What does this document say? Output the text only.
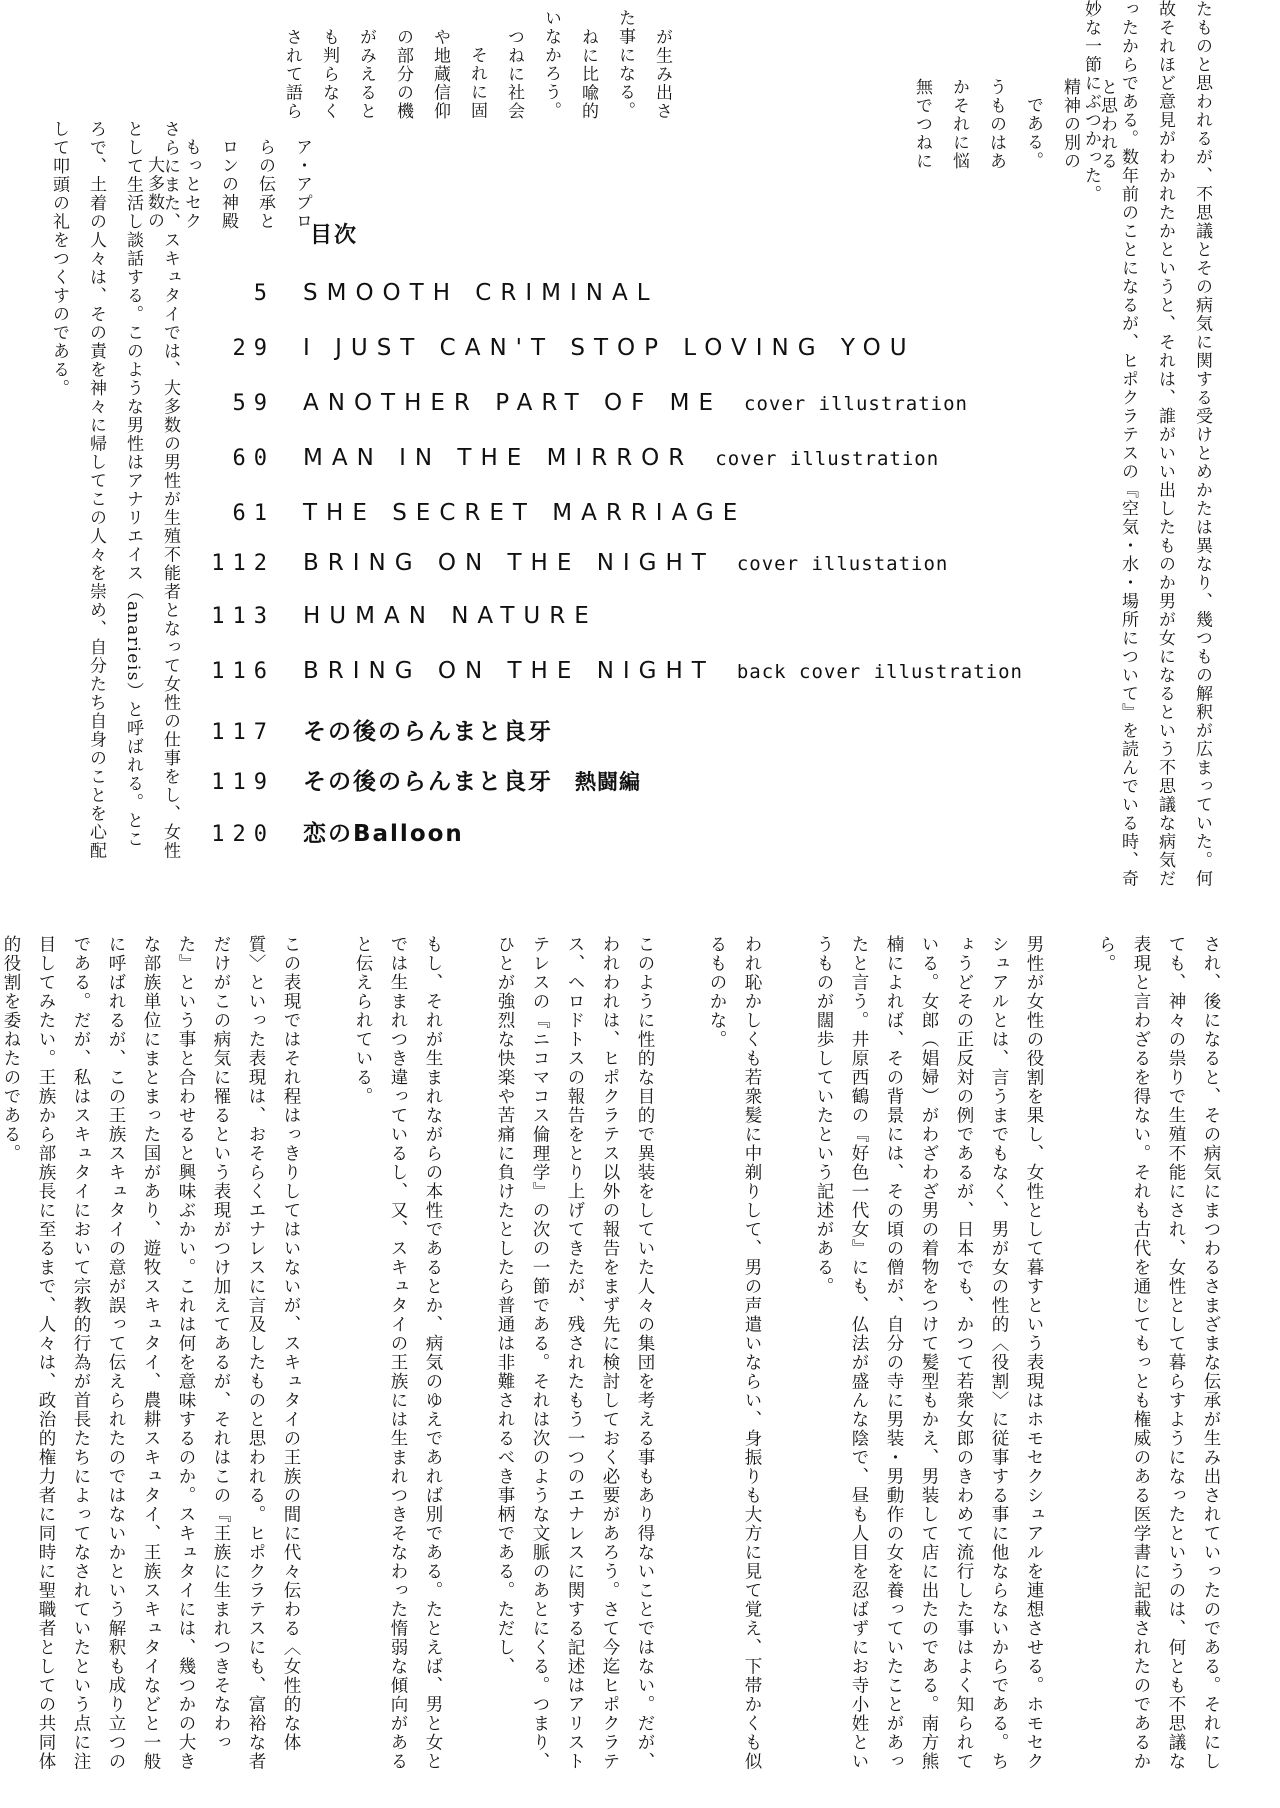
ア・アプロ

らの伝承と

ロンの神殿

もっとセク

大多数の

が生み出さ

た事になる。

ねに比喩的

いなかろう。

つねに社会

それに固

や地蔵信仰

の部分の機

がみえると

も判らなく

されて語ら

と思われる

精神の別の

である。

うものはあ

かそれに悩

無でつねに	たものと思われるが、不思議とその病気に関する受けとめかたは異なり、幾つもの解釈が広まっていた。何故それほど意見がわかれたかというと、それは、誰がいい出したものか男が女になるという不思議な病気だったからである。数年前のことになるが、ヒポクラテスの『空気・水・場所について』を読んでいる時、奇妙な一節にぶつかった。

さらにまた、スキュタイでは、大多数の男性が生殖不能者となって女性の仕事をし、女性として生活し談話する。このような男性はアナリエイス（anarieis）と呼ばれる。ところで、土着の人々は、その責を神々に帰してこの人々を崇め、自分たち自身のことを心配して叩頭の礼をつくすのである。	目次
5	SMOOTH CRIMINAL
29	I JUST CAN'T STOP LOVING YOU
59	ANOTHER PART OF ME cover illustration
60	MAN IN THE MIRROR cover illustration
61	THE SECRET MARRIAGE
112	BRING ON THE NIGHT cover illustation
113	HUMAN NATURE
116	BRING ON THE NIGHT back cover illustration
117	その後のらんまと良牙
119	その後のらんまと良牙 熱闘編
120	恋のBalloon

され、後になると、その病気にまつわるさまざまな伝承が生み出されていったのである。それにしても、神々の祟りで生殖不能にされ、女性として暮らすようになったというのは、何とも不思議な表現と言わざるを得ない。それも古代を通じてもっとも権威のある医学書に記載されたのであるから。

男性が女性の役割を果し、女性として暮すという表現はホモセクシュアルを連想させる。ホモセクシュアルとは、言うまでもなく、男が女の性的〈役割〉に従事する事に他ならないからである。ちょうどその正反対の例であるが、日本でも、かつて若衆女郎のきわめて流行した事はよく知られている。女郎（娼婦）がわざわざ男の着物をつけて髪型もかえ、男装して店に出たのである。南方熊楠によれば、その背景には、その頃の僧が、自分の寺に男装・男動作の女を養っていたことがあったと言う。井原西鶴の『好色一代女』にも、仏法が盛んな陰で、昼も人目を忍ばずにお寺小姓というものが闊歩していたという記述がある。

われ恥かしくも若衆髪に中剃りして、男の声遣いならい、身振りも大方に見て覚え、下帯かくも似るものかな。

このように性的な目的で異装をしていた人々の集団を考える事もあり得ないことではない。だが、われわれは、ヒポクラテス以外の報告をまず先に検討しておく必要があろう。さて今迄ヒポクラテス、ヘロドトスの報告をとり上げてきたが、残されたもう一つのエナレスに関する記述はアリストテレスの『ニコマコス倫理学』の次の一節である。それは次のような文脈のあとにくる。つまり、ひとが強烈な快楽や苦痛に負けたとしたら普通は非難されるべき事柄である。ただし、

もし、それが生まれながらの本性であるとか、病気のゆえであれば別である。たとえば、男と女とでは生まれつき違っているし、又、スキュタイの王族には生まれつきそなわった惰弱な傾向があると伝えられている。

この表現ではそれ程はっきりしてはいないが、スキュタイの王族の間に代々伝わる〈女性的な体質〉といった表現は、おそらくエナレスに言及したものと思われる。ヒポクラテスにも、富裕な者だけがこの病気に罹るという表現がつけ加えてあるが、それはこの『王族に生まれつきそなわった』という事と合わせると興味ぶかい。これは何を意味するのか。スキュタイには、幾つかの大きな部族単位にまとまった国があり、遊牧スキュタイ、農耕スキュタイ、王族スキュタイなどと一般に呼ばれるが、この王族スキュタイの意が誤って伝えられたのではないかという解釈も成り立つのである。だが、私はスキュタイにおいて宗教的行為が首長たちによってなされていたという点に注目してみたい。王族から部族長に至るまで、人々は、政治的権力者に同時に聖職者としての共同体的役割を委ねたのである。
